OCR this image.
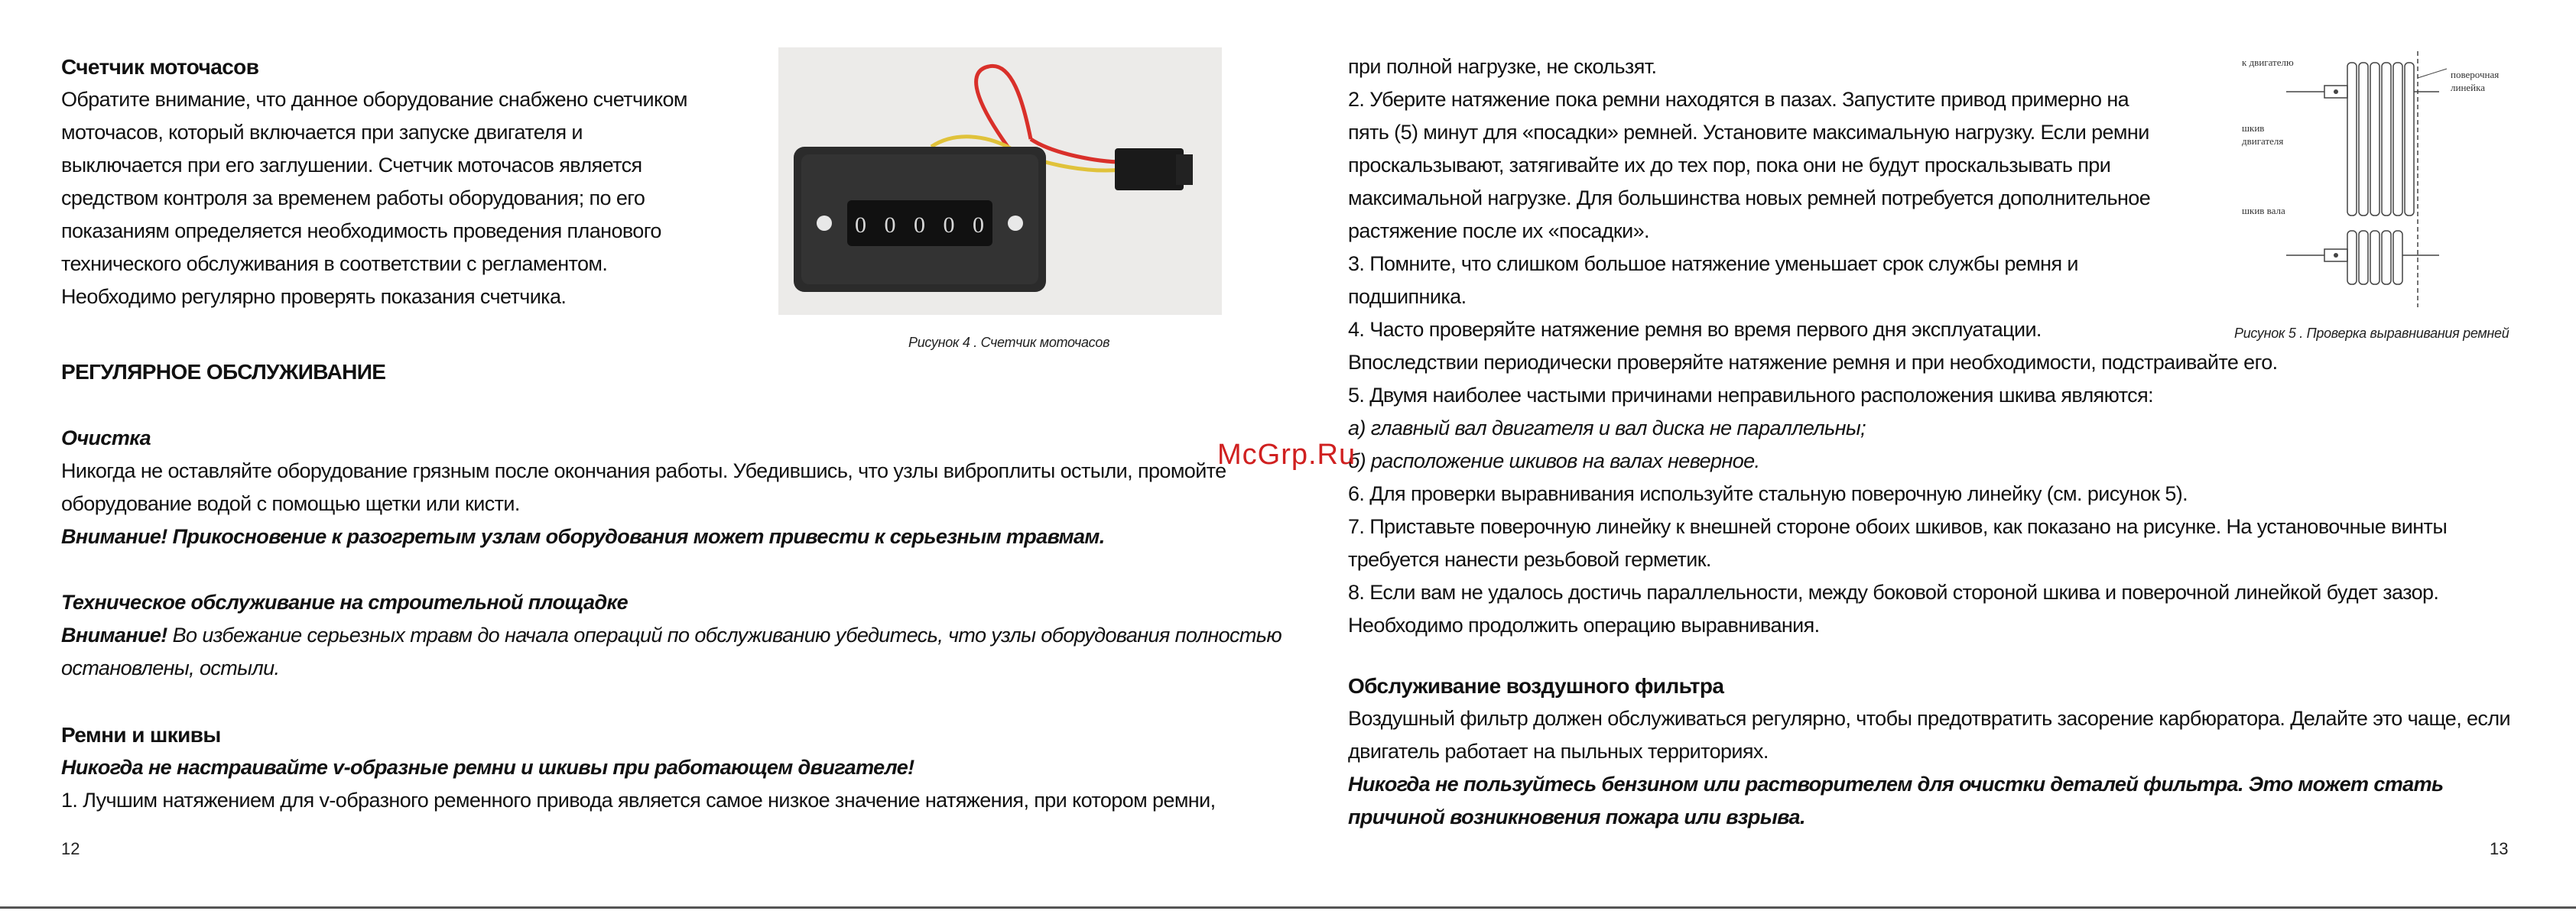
Счетчик моточасов
Обратите внимание, что данное оборудование снабжено счетчиком
моточасов, который включается при запуске двигателя и
выключается при его заглушении. Счетчик моточасов является
средством контроля за временем работы оборудования; по его
показаниям определяется необходимость проведения планового
технического обслуживания в соответствии с регламентом.
Необходимо регулярно проверять показания счетчика.
0 0 0 0 0
Рисунок 4 . Счетчик моточасов
РЕГУЛЯРНОЕ ОБСЛУЖИВАНИЕ
Очистка
Никогда не оставляйте оборудование грязным после окончания работы. Убедившись, что узлы виброплиты остыли, промойте
оборудование водой с помощью щетки или кисти.
Внимание! Прикосновение к разогретым узлам оборудования может привести к серьезным травмам.
Техническое обслуживание на строительной площадке
Внимание! Во избежание серьезных травм до начала операций по обслуживанию убедитесь, что узлы оборудования полностью
остановлены, остыли.
Ремни и шкивы
Никогда не настраивайте v-образные ремни и шкивы при работающем двигателе!
1. Лучшим натяжением для v-образного ременного привода является самое низкое значение натяжения, при котором ремни,
12
при полной нагрузке, не скользят.
2. Уберите натяжение пока ремни находятся в пазах. Запустите привод примерно на
пять (5) минут для «посадки» ремней. Установите максимальную нагрузку. Если ремни
проскальзывают, затягивайте их до тех пор, пока они не будут проскальзывать при
максимальной нагрузке. Для большинства новых ремней потребуется дополнительное
растяжение после их «посадки».
3. Помните, что слишком большое натяжение уменьшает срок службы ремня и
подшипника.
4. Часто проверяйте натяжение ремня во время первого дня эксплуатации.
Впоследствии периодически проверяйте натяжение ремня и при необходимости, подстраивайте его.
5. Двумя наиболее частыми причинами неправильного расположения шкива являются:
а) главный вал двигателя и вал диска не параллельны;
б) расположение шкивов на валах неверное.
6. Для проверки выравнивания используйте стальную поверочную линейку (см. рисунок 5).
7. Приставьте поверочную линейку к внешней стороне обоих шкивов, как показано на рисунке. На установочные винты
требуется нанести резьбовой герметик.
8. Если вам не удалось достичь параллельности, между боковой стороной шкива и поверочной линейкой будет зазор.
Необходимо продолжить операцию выравнивания.
Обслуживание воздушного фильтра
Воздушный фильтр должен обслуживаться регулярно, чтобы предотвратить засорение карбюратора. Делайте это чаще, если
двигатель работает на пыльных территориях.
Никогда не пользуйтесь бензином или растворителем для очистки деталей фильтра. Это может стать
причиной возникновения пожара или взрыва.
к двигателю
поверочная
линейка
шкив
двигателя
шкив вала
Рисунок 5 . Проверка выравнивания ремней
13
McGrp.Ru
